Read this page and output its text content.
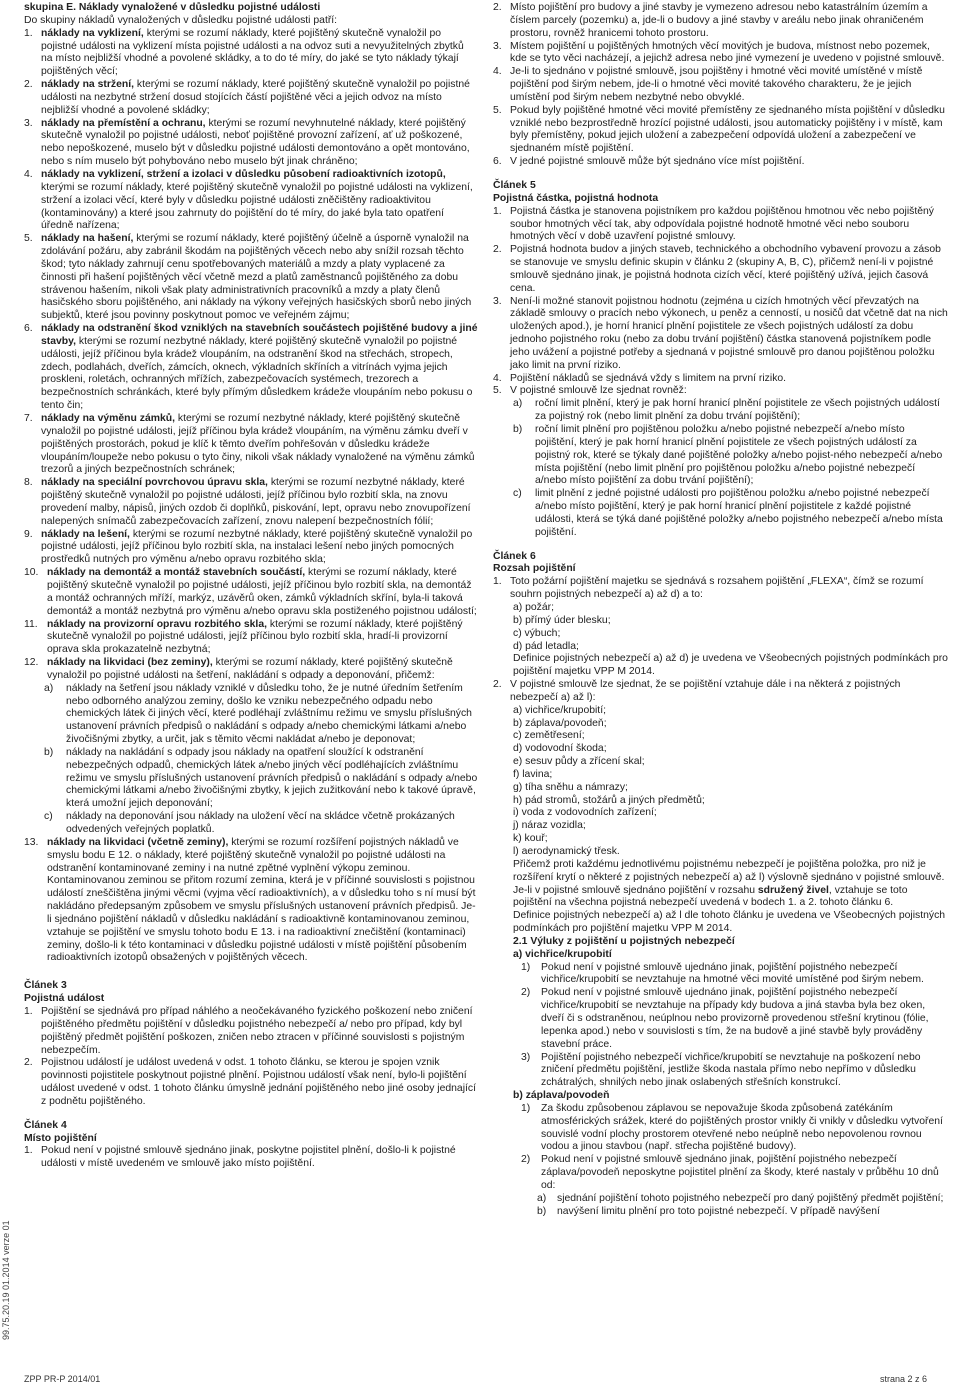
skupina E. Náklady vynaložené v důsledku pojistné události
Do skupiny nákladů vynaložených v důsledku pojistné události patří:
1. náklady na vyklizení, kterými se rozumí náklady, které pojištěný skutečně vynaložil po pojistné události na vyklizení místa pojistné události a na odvoz suti a nevyužitelných zbytků na místo nejbližší vhodné a povolené skládky, a to do té míry, do jaké se tyto náklady týkají pojištěných věcí;
2. náklady na stržení, kterými se rozumí náklady, které pojištěný skutečně vynaložil po pojistné události na nezbytné stržení dosud stojících částí pojištěné věci a jejich odvoz na místo nejbližší vhodné a povolené skládky;
3. náklady na přemístění a ochranu, kterými se rozumí nevyhnutelné náklady, které pojištěný skutečně vynaložil po pojistné události, neboť pojištěné provozní zařízení, ať už poškozené, nebo nepoškozené, muselo být v důsledku pojistné události demontováno a opět montováno, nebo s ním muselo být pohybováno nebo muselo být jinak chráněno;
4. náklady na vyklizení, stržení a izolaci v důsledku působení radioaktivních izotopů, kterými se rozumí náklady, které pojištěný skutečně vynaložil po pojistné události na vyklizení, stržení a izolaci věcí, které byly v důsledku pojistné události zněčištěny radioaktivitou (kontaminovány) a které jsou zahrnuty do pojištění do té míry, do jaké byla tato opatření úředně nařízena;
5. náklady na hašení, kterými se rozumí náklady, které pojištěný účelně a úsporně vynaložil na zdolávání požáru, aby zabránil škodám na pojištěných věcech nebo aby snížil rozsah těchto škod; tyto náklady zahrnují cenu spotřebovaných materiálů a mzdy a platy vyplacené za činnosti při hašení pojištěných věcí včetně mezd a platů zaměstnanců pojištěného za dobu strávenou hašením, nikoli však platy administrativních pracovníků a mzdy a platy členů hasičského sboru pojištěného, ani náklady na výkony veřejných hasičských sborů nebo jiných subjektů, které jsou povinny poskytnout pomoc ve veřejném zájmu;
6. náklady na odstranění škod vzniklých na stavebních součástech pojištěné budovy a jiné stavby, kterými se rozumí nezbytné náklady, které pojištěný skutečně vynaložil po pojistné události, jejíž příčinou byla krádež vloupáním, na odstranění škod na střechách, stropech, zdech, podlahách, dveřích, zámcích, oknech, výkladních skříních a vitrínách vyjma jejich proskleni, roletách, ochranných mřížích, zabezpečovacích systémech, trezorech a bezpečnostních schránkách, které byly přímým důsledkem krádeže vloupáním nebo pokusu o tento čin;
7. náklady na výměnu zámků, kterými se rozumí nezbytné náklady, které pojištěný skutečně vynaložil po pojistné události, jejíž příčinou byla krádež vloupáním, na výměnu zámku dveří v pojištěných prostorách, pokud je klíč k těmto dveřím pohřešován v důsledku krádeže vloupáním/loupeže nebo pokusu o tyto činy, nikoli však náklady vynaložené na výměnu zámků trezorů a jiných bezpečnostních schránek;
8. náklady na speciální povrchovou úpravu skla, kterými se rozumí nezbytné náklady, které pojištěný skutečně vynaložil po pojistné události, jejíž příčinou bylo rozbití skla, na znovu provedení malby, nápisů, jiných ozdob či doplňků, piskování, lept, opravu nebo znovupořízení nalepených snímačů zabezpečovacích zařízení, znovu nalepení bezpečnostních fólií;
9. náklady na lešení, kterými se rozumí nezbytné náklady, které pojištěný skutečně vynaložil po pojistné události, jejíž příčinou bylo rozbití skla, na instalaci lešení nebo jiných pomocných prostředků nutných pro výměnu a/nebo opravu rozbitého skla;
10. náklady na demontáž a montáž stavebních součástí, kterými se rozumí náklady, které pojištěný skutečně vynaložil po pojistné události, jejíž příčinou bylo rozbití skla, na demontáž a montáž ochranných mříží, markýz, uzávěrů oken, zámků výkladních skříní, byla-li taková demontáž a montáž nezbytná pro výměnu a/nebo opravu skla postiženého pojistnou událostí;
11. náklady na provizorní opravu rozbitého skla, kterými se rozumí náklady, které pojištěný skutečně vynaložil po pojistné události, jejíž příčinou bylo rozbití skla, hradí-li provizorní oprava skla prokazatelně nezbytná;
12. náklady na likvidaci (bez zeminy), kterými se rozumí náklady, které pojištěný skutečně vynaložil po pojistné události na šetření, nakládání s odpady a deponování, přičemž:
a)	náklady na šetření jsou náklady vzniklé v důsledku toho, že je nutné úředním šetřením nebo odborného analýzou zeminy, došlo ke vzniku nebezpečného odpadu nebo chemických látek či jiných věcí, které podléhají zvláštnímu režimu ve smyslu příslušných ustanovení právních předpisů o nakládání s odpady a/nebo chemickými látkami a/nebo živočišnými zbytky, a určit, jak s těmito věcmi nakládat a/nebo je deponovat;
b)	náklady na nakládání s odpady jsou náklady na opatření sloužící k odstranění nebezpečných odpadů, chemických látek a/nebo jiných věcí podléhajících zvláštnímu režimu ve smyslu příslušných ustanovení právních předpisů o nakládání s odpady a/nebo chemickými látkami a/nebo živočišnými zbytky, k jejich zužitkování nebo k takové úpravě, která umožní jejich deponování;
c)	náklady na deponování jsou náklady na uložení věcí na skládce včetně prokázaných odvedených veřejných poplatků.
13. náklady na likvidaci (včetně zeminy), kterými se rozumí rozšíření pojistných nákladů ve smyslu bodu E 12. o náklady, které pojištěný skutečně vynaložil po pojistné události na odstranění kontaminované zeminy i na nutné zpětné vyplnění výkopu zeminou. Kontaminovanou zeminou se přitom rozumí zemina, která je v příčinné souvislosti s pojistnou událostí zneščištěna jinými věcmi (vyjma věcí radioaktivních), a v důsledku toho s ní musí být nakládáno předepsaným způsobem ve smyslu příslušných ustanovení právních předpisů. Je-li sjednáno pojištění nákladů v důsledku nakládání s radioaktivně kontaminovanou zeminou, vztahuje se pojištění ve smyslu tohoto bodu E 13. i na radioaktivní znečištění (kontaminaci) zeminy, došlo-li k této kontaminaci v důsledku pojistné události v místě pojištění působením radioaktivních izotopů obsažených v pojištěných věcech.
Článek 3
Pojistná událost
1. Pojištění se sjednává pro případ náhlého a neočekávaného fyzického poškození nebo zničení pojištěného předmětu pojištění v důsledku pojistného nebezpečí a/ nebo pro případ, kdy byl pojištěný předmět pojištění poškozen, zničen nebo ztracen v příčinné souvislosti s pojistným nebezpečím.
2. Pojistnou událostí je událost uvedená v odst. 1 tohoto článku, se kterou je spojen vznik povinnosti pojistitele poskytnout pojistné plnění. Pojistnou událostí však není, bylo-li pojištění událost uvedené v odst. 1 tohoto článku úmyslně jednání pojištěného nebo jiné osoby jednající z podnětu pojištěného.
Článek 4
Místo pojištění
1. Pokud není v pojistné smlouvě sjednáno jinak, poskytne pojistitel plnění, došlo-li k pojistné události v místě uvedeném ve smlouvě jako místo pojištění.
2. Místo pojištění pro budovy a jiné stavby je vymezeno adresou nebo katastrálním územím a číslem parcely (pozemku) a, jde-li o budovy a jiné stavby v areálu nebo jinak ohraničeném prostoru, rovněž hranicemi tohoto prostoru.
3. Místem pojištění u pojištěných hmotných věcí movitých je budova, místnost nebo pozemek, kde se tyto věci nacházejí, a jejichž adresa nebo jiné vymezení je uvedeno v pojistné smlouvě.
4. Je-li to sjednáno v pojistné smlouvě, jsou pojištěny i hmotné věci movité umístěné v místě pojištění pod širým nebem, jde-li o hmotné věci movité takového charakteru, že je jejich umístění pod širým nebem nezbytné nebo obvyklé.
5. Pokud byly pojištěné hmotné věci movité přemístěny ze sjednaného místa pojištění v důsledku vzniklé nebo bezprostředně hrozící pojistné události, jsou automaticky pojištěny i v místě, kam byly přemístěny, pokud jejich uložení a zabezpečení odpovídá uložení a zabezpečení ve sjednaném místě pojištění.
6. V jedné pojistné smlouvě může být sjednáno více míst pojištění.
Článek 5
Pojistná částka, pojistná hodnota
1. Pojistná částka je stanovena pojistníkem pro každou pojištěnou hmotnou věc nebo pojištěný soubor hmotných věcí tak, aby odpovídala pojistné hodnotě hmotné věci nebo souboru hmotných věcí v době uzavření pojistné smlouvy.
2. Pojistná hodnota budov a jiných staveb, technického a obchodního vybavení provozu a zásob se stanovuje ve smyslu definic skupin v článku 2 (skupiny A, B, C), přičemž není-li v pojistné smlouvě sjednáno jinak, je pojistná hodnota cizích věcí, které pojištěný užívá, jejich časová cena.
3. Není-li možné stanovit pojistnou hodnotu (zejména u cizích hmotných věcí převzatých na základě smlouvy o pracích nebo výkonech, u peněz a cenností, u nosičů dat včetně dat na nich uložených apod.), je horní hranicí plnění pojistitele ze všech pojistných událostí za dobu jednoho pojistného roku (nebo za dobu trvání pojištění) částka stanovená pojistníkem podle jeho uvážení a pojistné potřeby a sjednaná v pojistné smlouvě pro danou pojištěnou položku jako limit na první riziko.
4. Pojištění nákladů se sjednává vždy s limitem na první riziko.
5. V pojistné smlouvě lze sjednat rovněž:
a)	roční limit plnění, který je pak horní hranicí plnění pojistitele ze všech pojistných událostí za pojistný rok (nebo limit plnění za dobu trvání pojištění);
b)	roční limit plnění pro pojištěnou položku a/nebo pojistné nebezpečí a/nebo místo pojištění, který je pak horní hranicí plnění pojistitele ze všech pojistných událostí za pojistný rok, které se týkaly dané pojištěné položky a/nebo pojist-ného nebezpečí a/nebo místa pojištění (nebo limit plnění pro pojištěnou položku a/nebo pojistné nebezpečí a/nebo místo pojištění za dobu trvání pojištění);
c)	limit plnění z jedné pojistné události pro pojištěnou položku a/nebo pojistné nebezpečí a/nebo místo pojištění, který je pak horní hranicí plnění pojistitele z každé pojistné události, která se týká dané pojištěné položky a/nebo pojistného nebezpečí a/nebo místa pojištění.
Článek 6
Rozsah pojištění
1. Toto požární pojištění majetku se sjednává s rozsahem pojištění „FLEXA“, čímž se rozumí souhrn pojistných nebezpečí a) až d) a to:
a) požár;
b) přímý úder blesku;
c) výbuch;
d) pád letadla;
Definice pojistných nebezpečí a) až d) je uvedena ve Všeobecných pojistných podmínkách pro pojištění majetku VPP M 2014.
2. V pojistné smlouvě lze sjednat, že se pojištění vztahuje dále i na některá z pojistných nebezpečí a) až l):
a) vichřice/krupobití;
b) záplava/povodeň;
c) zemětřesení;
d) vodovodní škoda;
e) sesuv půdy a zřícení skal;
f) lavina;
g) tíha sněhu a námrazy;
h) pád stromů, stožárů a jiných předmětů;
i) voda z vodovodních zařízení;
j) náraz vozidla;
k) kouř;
l) aerodynamický třesk.
Přičemž proti každému jednotlivému pojistnému nebezpečí je pojištěna položka, pro niž je rozšíření krytí o některé z pojistných nebezpečí a) až l) výslovně sjednáno v pojistné smlouvě.
Je-li v pojistné smlouvě sjednáno pojištění v rozsahu sdružený živel, vztahuje se toto pojištění na všechna pojistná nebezpečí uvedená v bodech 1. a 2. tohoto článku 6.
Definice pojistných nebezpečí a) až l dle tohoto článku je uvedena ve Všeobecných pojistných podmínkách pro pojištění majetku VPP M 2014.
2.1 Výluky z pojištění u pojistných nebezpečí
a) vichřice/krupobití
1)	Pokud není v pojistné smlouvě ujednáno jinak, pojištění pojistného nebezpečí vichřice/krupobití se nevztahuje na hmotné věci movité umístěné pod širým nebem.
2)	Pokud není v pojistné smlouvě ujednáno jinak, pojištění pojistného nebezpečí vichřice/krupobití se nevztahuje na případy kdy budova a jiná stavba byla bez oken, dveří či s odstraněnou, neúplnou nebo provizorně provedenou střešní krytinou (fólie, lepenka apod.) nebo v souvislosti s tím, že na budově a jiné stavbě byly prováděny stavební práce.
3)	Pojištění pojistného nebezpečí vichřice/krupobití se nevztahuje na poškození nebo zničení předmětu pojištění, jestliže škoda nastala přímo nebo nepřímo v důsledku zchátralých, shnilých nebo jinak oslabených střešních konstrukcí.
b) záplava/povodeň
1)	Za škodu způsobenou záplavou se nepovažuje škoda způsobená zatékáním atmosférických srážek, které do pojištěných prostor vnikly či vnikly v důsledku vytvoření souvislé vodní plochy prostorem otevřené nebo neúplně nebo nepovolenou rovnou vodou a jinou stavbou (např. střecha pojištěné budovy).
2)	Pokud není v pojistné smlouvě sjednáno jinak, pojištění pojistného nebezpečí záplava/povodeň neposkytne pojistitel plnění za škody, které nastaly v průběhu 10 dnů od:
a)	sjednání pojištění tohoto pojistného nebezpečí pro daný pojištěný předmět pojištění;
b)	navýšení limitu plnění pro toto pojistné nebezpečí. V případě navýšení
99.75.20.19 01.2014 verze 01
ZPP PR-P 2014/01	strana 2 z 6
